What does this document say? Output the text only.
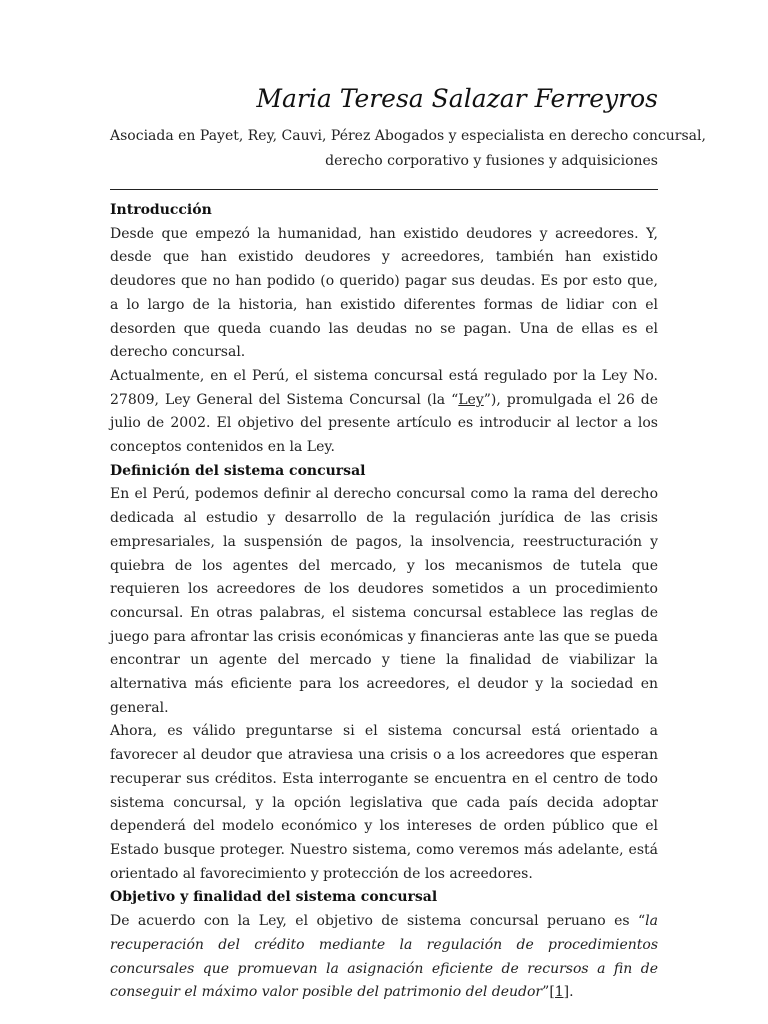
Maria Teresa Salazar Ferreyros
Asociada en Payet, Rey, Cauvi, Pérez Abogados y especialista en derecho concursal,
derecho corporativo y fusiones y adquisiciones
Introducción

Desde que empezó la humanidad, han existido deudores y acreedores. Y, desde que han existido deudores y acreedores, también han existido deudores que no han podido (o querido) pagar sus deudas. Es por esto que, a lo largo de la historia, han existido diferentes formas de lidiar con el desorden que queda cuando las deudas no se pagan. Una de ellas es el derecho concursal.

Actualmente, en el Perú, el sistema concursal está regulado por la Ley No. 27809, Ley General del Sistema Concursal (la “Ley”), promulgada el 26 de julio de 2002. El objetivo del presente artículo es introducir al lector a los conceptos contenidos en la Ley.

Definición del sistema concursal

En el Perú, podemos definir al derecho concursal como la rama del derecho dedicada al estudio y desarrollo de la regulación jurídica de las crisis empresariales, la suspensión de pagos, la insolvencia, reestructuración y quiebra de los agentes del mercado, y los mecanismos de tutela que requieren los acreedores de los deudores sometidos a un procedimiento concursal. En otras palabras, el sistema concursal establece las reglas de juego para afrontar las crisis económicas y financieras ante las que se pueda encontrar un agente del mercado y tiene la finalidad de viabilizar la alternativa más eficiente para los acreedores, el deudor y la sociedad en general.

Ahora, es válido preguntarse si el sistema concursal está orientado a favorecer al deudor que atraviesa una crisis o a los acreedores que esperan recuperar sus créditos. Esta interrogante se encuentra en el centro de todo sistema concursal, y la opción legislativa que cada país decida adoptar dependerá del modelo económico y los intereses de orden público que el Estado busque proteger. Nuestro sistema, como veremos más adelante, está orientado al favorecimiento y protección de los acreedores.

Objetivo y finalidad del sistema concursal

De acuerdo con la Ley, el objetivo de sistema concursal peruano es “la recuperación del crédito mediante la regulación de procedimientos concursales que promuevan la asignación eficiente de recursos a fin de conseguir el máximo valor posible del patrimonio del deudor”[1].
